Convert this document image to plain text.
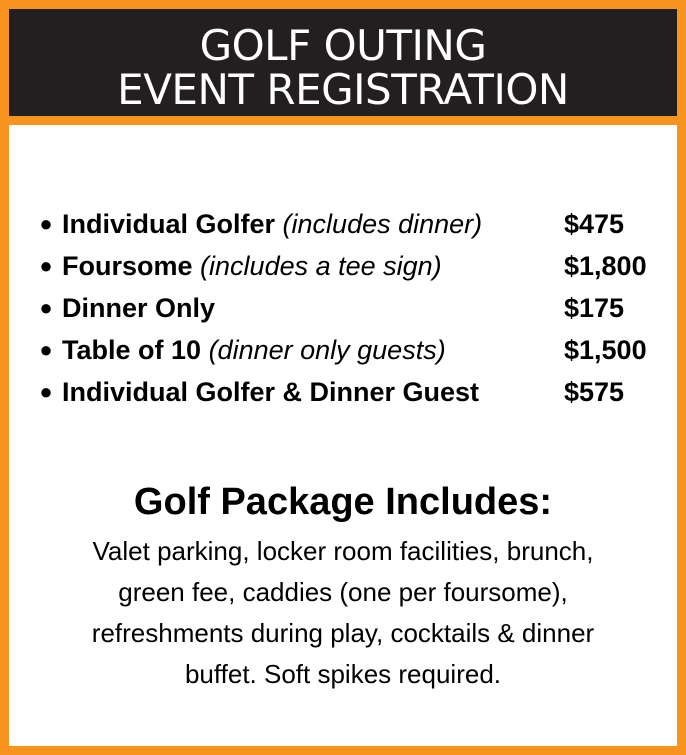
GOLF OUTING
EVENT REGISTRATION
● Individual Golfer (includes dinner)	$475
● Foursome (includes a tee sign)	$1,800
● Dinner Only	$175
● Table of 10 (dinner only guests)	$1,500
● Individual Golfer & Dinner Guest	$575
Golf Package Includes:
Valet parking, locker room facilities, brunch,
green fee, caddies (one per foursome),
refreshments during play, cocktails & dinner
buffet. Soft spikes required.
